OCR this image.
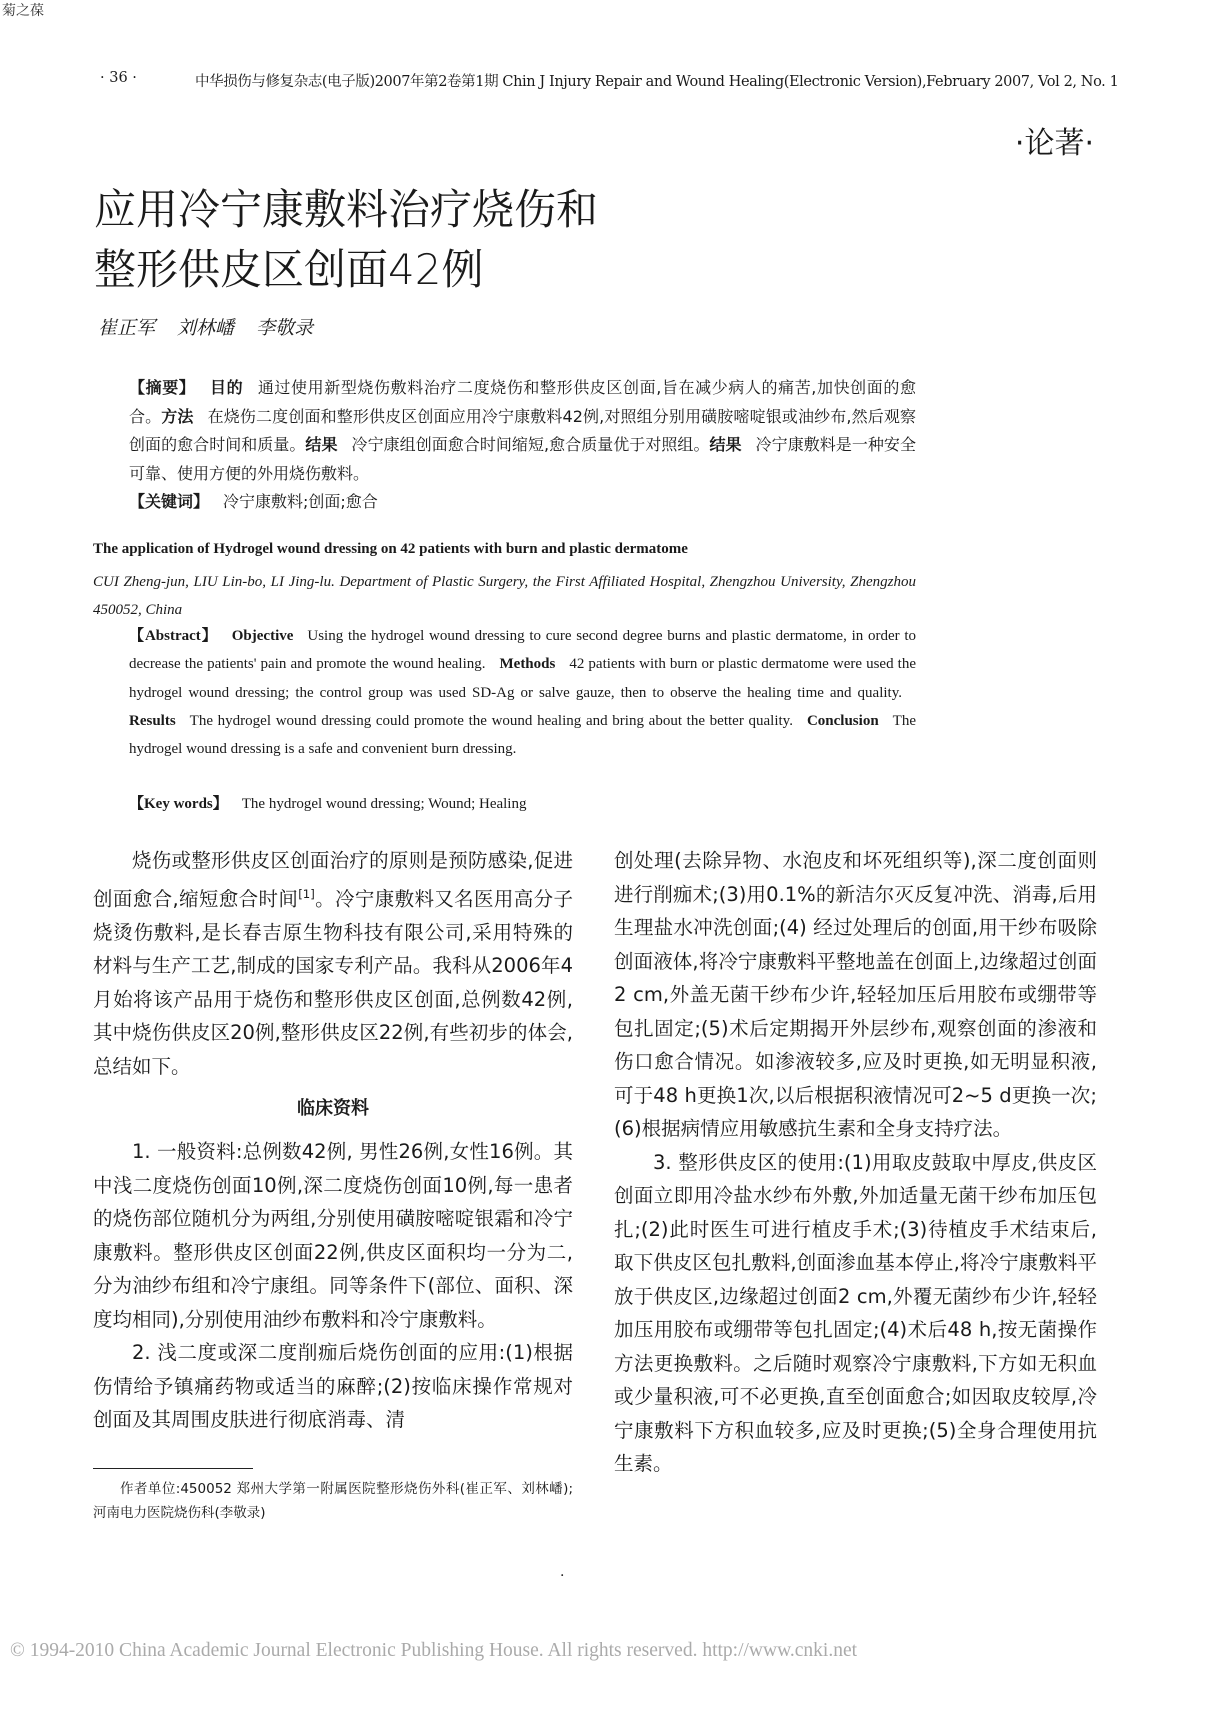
菊之葆
· 36 ·	中华损伤与修复杂志(电子版)2007年第2卷第1期 Chin J Injury Repair and Wound Healing(Electronic Version),February 2007, Vol 2, No. 1
·论著·
应用冷宁康敷料治疗烧伤和
整形供皮区创面42例
崔正军 刘林嶓 李敬录
【摘要】 目的 通过使用新型烧伤敷料治疗二度烧伤和整形供皮区创面,旨在减少病人的痛苦,加快创面的愈合。方法 在烧伤二度创面和整形供皮区创面应用冷宁康敷料42例,对照组分别用磺胺嘧啶银或油纱布,然后观察创面的愈合时间和质量。结果 冷宁康组创面愈合时间缩短,愈合质量优于对照组。结果 冷宁康敷料是一种安全可靠、使用方便的外用烧伤敷料。
【关键词】 冷宁康敷料;创面;愈合
The application of Hydrogel wound dressing on 42 patients with burn and plastic dermatome
CUI Zheng-jun, LIU Lin-bo, LI Jing-lu. Department of Plastic Surgery, the First Affiliated Hospital, Zhengzhou University, Zhengzhou 450052, China
【Abstract】 Objective Using the hydrogel wound dressing to cure second degree burns and plastic dermatome, in order to decrease the patients' pain and promote the wound healing. Methods 42 patients with burn or plastic dermatome were used the hydrogel wound dressing; the control group was used SD-Ag or salve gauze, then to observe the healing time and quality.Results The hydrogel wound dressing could promote the wound healing and bring about the better quality. Conclusion The hydrogel wound dressing is a safe and convenient burn dressing.
【Key words】 The hydrogel wound dressing; Wound; Healing

烧伤或整形供皮区创面治疗的原则是预防感染,促进创面愈合,缩短愈合时间[1]。冷宁康敷料又名医用高分子烧烫伤敷料,是长春吉原生物科技有限公司,采用特殊的材料与生产工艺,制成的国家专利产品。我科从2006年4月始将该产品用于烧伤和整形供皮区创面,总例数42例,其中烧伤供皮区20例,整形供皮区22例,有些初步的体会,总结如下。

临床资料

1. 一般资料:总例数42例, 男性26例,女性16例。其中浅二度烧伤创面10例,深二度烧伤创面10例,每一患者的烧伤部位随机分为两组,分别使用磺胺嘧啶银霜和冷宁康敷料。整形供皮区创面22例,供皮区面积均一分为二,分为油纱布组和冷宁康组。同等条件下(部位、面积、深度均相同),分别使用油纱布敷料和冷宁康敷料。

2. 浅二度或深二度削痂后烧伤创面的应用:(1)根据伤情给予镇痛药物或适当的麻醉;(2)按临床操作常规对创面及其周围皮肤进行彻底消毒、清

创处理(去除异物、水泡皮和坏死组织等),深二度创面则进行削痂术;(3)用0.1%的新洁尔灭反复冲洗、消毒,后用生理盐水冲洗创面;(4) 经过处理后的创面,用干纱布吸除创面液体,将冷宁康敷料平整地盖在创面上,边缘超过创面2 cm,外盖无菌干纱布少许,轻轻加压后用胶布或绷带等包扎固定;(5)术后定期揭开外层纱布,观察创面的渗液和伤口愈合情况。如渗液较多,应及时更换,如无明显积液,可于48 h更换1次,以后根据积液情况可2~5 d更换一次;(6)根据病情应用敏感抗生素和全身支持疗法。

3. 整形供皮区的使用:(1)用取皮鼓取中厚皮,供皮区创面立即用冷盐水纱布外敷,外加适量无菌干纱布加压包扎;(2)此时医生可进行植皮手术;(3)待植皮手术结束后,取下供皮区包扎敷料,创面渗血基本停止,将冷宁康敷料平放于供皮区,边缘超过创面2 cm,外覆无菌纱布少许,轻轻加压用胶布或绷带等包扎固定;(4)术后48 h,按无菌操作方法更换敷料。之后随时观察冷宁康敷料,下方如无积血或少量积液,可不必更换,直至创面愈合;如因取皮较厚,冷宁康敷料下方积血较多,应及时更换;(5)全身合理使用抗生素。

作者单位:450052 郑州大学第一附属医院整形烧伤外科(崔正军、刘林嶓);河南电力医院烧伤科(李敬录)
·
© 1994-2010 China Academic Journal Electronic Publishing House. All rights reserved. http://www.cnki.net
